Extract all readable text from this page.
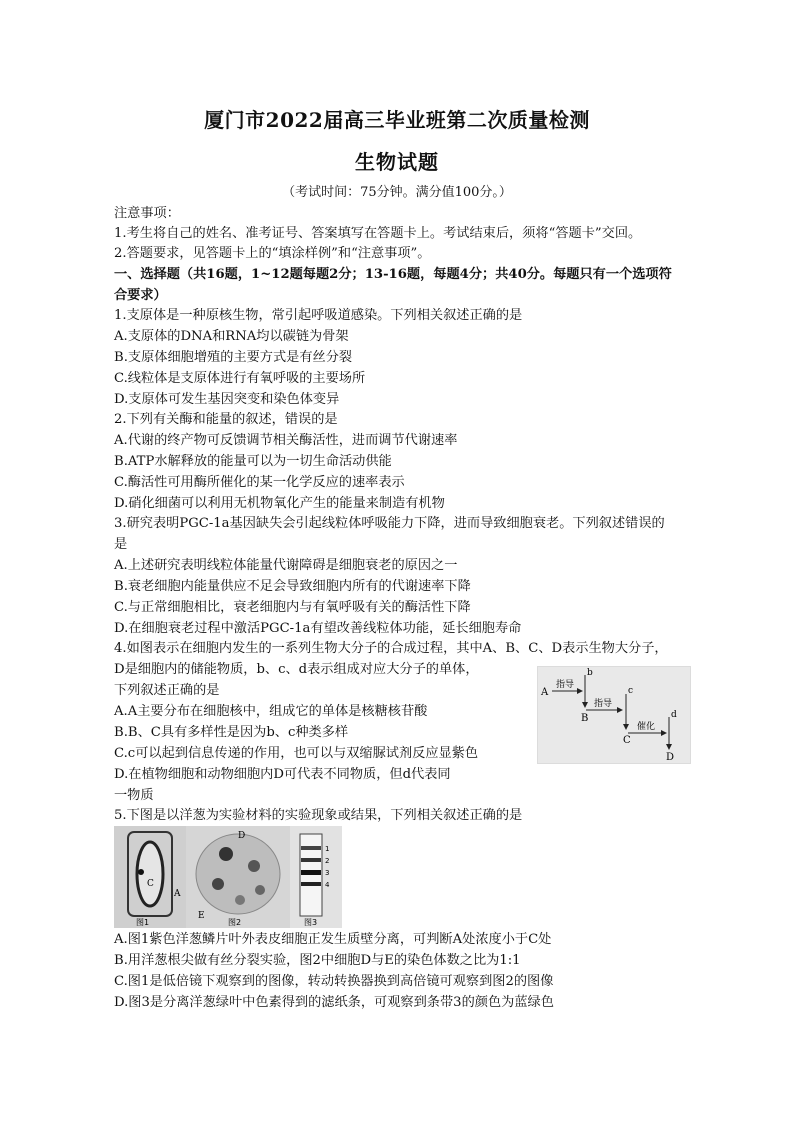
厦门市2022届高三毕业班第二次质量检测
生物试题
（考试时间：75分钟。满分值100分。）
注意事项：
1.考生将自己的姓名、准考证号、答案填写在答题卡上。考试结束后，须将“答题卡”交回。
2.答题要求，见答题卡上的“填涂样例”和“注意事项”。
一、选择题（共16题，1~12题每题2分；13-16题，每题4分；共40分。每题只有一个选项符
合要求）
1.支原体是一种原核生物，常引起呼吸道感染。下列相关叙述正确的是
A.支原体的DNA和RNA均以碳链为骨架
B.支原体细胞增殖的主要方式是有丝分裂
C.线粒体是支原体进行有氧呼吸的主要场所
D.支原体可发生基因突变和染色体变异
2.下列有关酶和能量的叙述，错误的是
A.代谢的终产物可反馈调节相关酶活性，进而调节代谢速率
B.ATP水解释放的能量可以为一切生命活动供能
C.酶活性可用酶所催化的某一化学反应的速率表示
D.硝化细菌可以利用无机物氧化产生的能量来制造有机物
3.研究表明PGC-1a基因缺失会引起线粒体呼吸能力下降，进而导致细胞衰老。下列叙述错误的
是
A.上述研究表明线粒体能量代谢障碍是细胞衰老的原因之一
B.衰老细胞内能量供应不足会导致细胞内所有的代谢速率下降
C.与正常细胞相比，衰老细胞内与有氧呼吸有关的酶活性下降
D.在细胞衰老过程中激活PGC-1a有望改善线粒体功能，延长细胞寿命
4.如图表示在细胞内发生的一系列生物大分子的合成过程，其中A、B、C、D表示生物大分子，
D是细胞内的储能物质，b、c、d表示组成对应大分子的单体，
下列叙述正确的是
A.A主要分布在细胞核中，组成它的单体是核糖核苷酸
B.B、C具有多样性是因为b、c种类多样
C.c可以起到信息传递的作用，也可以与双缩脲试剂反应显紫色
D.在植物细胞和动物细胞内D可代表不同物质，但d代表同
一物质
A
B
C
D
b
c
d
指导
指导
催化
5.下图是以洋葱为实验材料的实验现象或结果，下列相关叙述正确的是
C
A
图1
D
E
图2
1
2
3
4
图3
A.图1紫色洋葱鳞片叶外表皮细胞正发生质壁分离，可判断A处浓度小于C处
B.用洋葱根尖做有丝分裂实验，图2中细胞D与E的染色体数之比为1:1
C.图1是低倍镜下观察到的图像，转动转换器换到高倍镜可观察到图2的图像
D.图3是分离洋葱绿叶中色素得到的滤纸条，可观察到条带3的颜色为蓝绿色
